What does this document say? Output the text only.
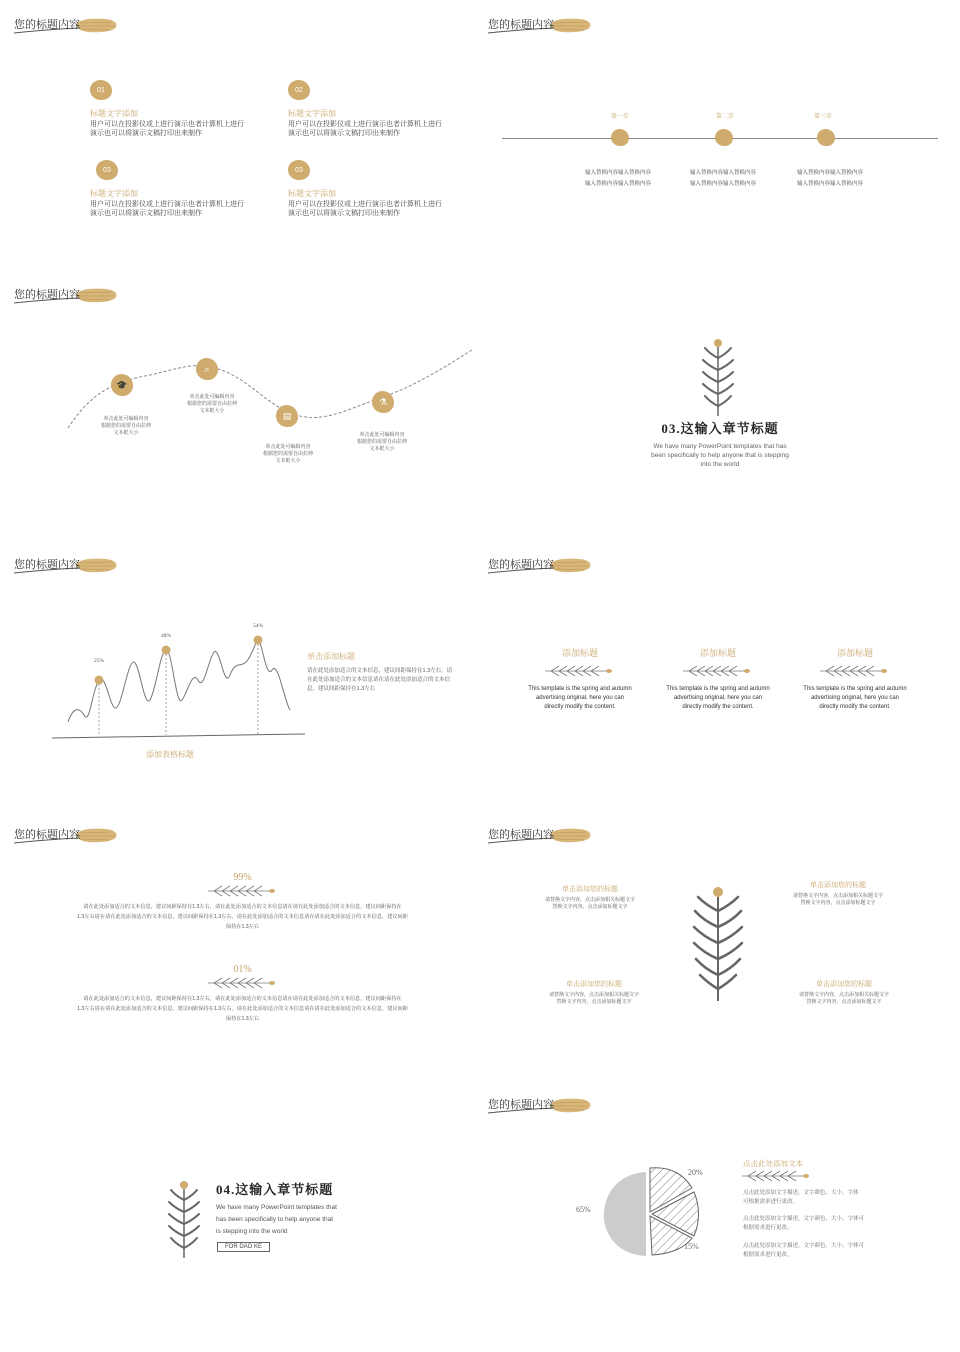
您的标题内容
01
标题文字添加
用户可以在投影仪或上进行演示也者计算机上进行
演示也可以将演示文稿打印出来制作
02
标题文字添加
用户可以在投影仪或上进行演示也者计算机上进行
演示也可以将演示文稿打印出来制作
03
标题文字添加
用户可以在投影仪或上进行演示也者计算机上进行
演示也可以将演示文稿打印出来制作
03
标题文字添加
用户可以在投影仪或上进行演示也者计算机上进行
演示也可以将演示文稿打印出来制作
您的标题内容
第一步	第二步	第三步
输入替换内容输入替换内容
输入替换内容输入替换内容
输入替换内容输入替换内容
输入替换内容输入替换内容
输入替换内容输入替换内容
输入替换内容输入替换内容
您的标题内容
🎓
⌕
▤
⚗
单击此处可编辑内容
根据您的需要自由拉伸
文本框大小
单击此处可编辑内容
根据您的需要自由拉伸
文本框大小
单击此处可编辑内容
根据您的需要自由拉伸
文本框大小
单击此处可编辑内容
根据您的需要自由拉伸
文本框大小
03.这输入章节标题
We have many PowerPoint templates that has
been specifically to help anyone that is stepping
into the world
您的标题内容
25%
48%
54%
添加表格标题
单击添加标题
请在此处添加适合的文本信息，建议间距保持在1.3左右，请
在此处添加适合的文本信息请在请在此处添加适合的文本信
息，建议间距保持在1.3左右
您的标题内容
添加标题
This template is the spring and autumn
advertising original, here you can
directly modify the content.
添加标题
This template is the spring and autumn
advertising original, here you can
directly modify the content.
添加标题
This template is the spring and autumn
advertising original, here you can
directly modify the content.
您的标题内容
99%
请在此处添加适合的文本信息，建议间距保持在1.3左右，请在此处添加适合的文本信息请在请在此处添加适合的文本信息，建议间距保持在
1.3左右请在请在此处添加适合的文本信息，建议间距保持在1.3左右，请在此处添加适合的文本信息请在请在此处添加适合的文本信息，建议间距
保持在1.3左右
01%
请在此处添加适合的文本信息，建议间距保持在1.3左右，请在此处添加适合的文本信息请在请在此处添加适合的文本信息，建议间距保持在
1.3左右请在请在此处添加适合的文本信息，建议间距保持在1.3左右，请在此处添加适合的文本信息请在请在此处添加适合的文本信息，建议间距
保持在1.3左右
您的标题内容
单击添加您的标题
请替换文字内容，点击添加相关标题文字
替换文字内容，点击添加标题文字
单击添加您的标题
请替换文字内容，点击添加相关标题文字
替换文字内容，点击添加标题文字
单击添加您的标题
请替换文字内容，点击添加相关标题文字
替换文字内容，点击添加标题文字
单击添加您的标题
请替换文字内容，点击添加相关标题文字
替换文字内容，点击添加标题文字
04.这输入章节标题
We have many PowerPoint templates that
has been specifically to help anyone that
is stepping into the world
FOR DAO KE
您的标题内容
65%
20%
15%
点击此处添加文本
点击此处添加文字描述，文字颜色、大小、字体
可根据需求进行更改。
点击此处添加文字描述，文字颜色、大小、字体可
根据需求进行更改。
点击此处添加文字描述，文字颜色、大小、字体可
根据需求进行更改。
